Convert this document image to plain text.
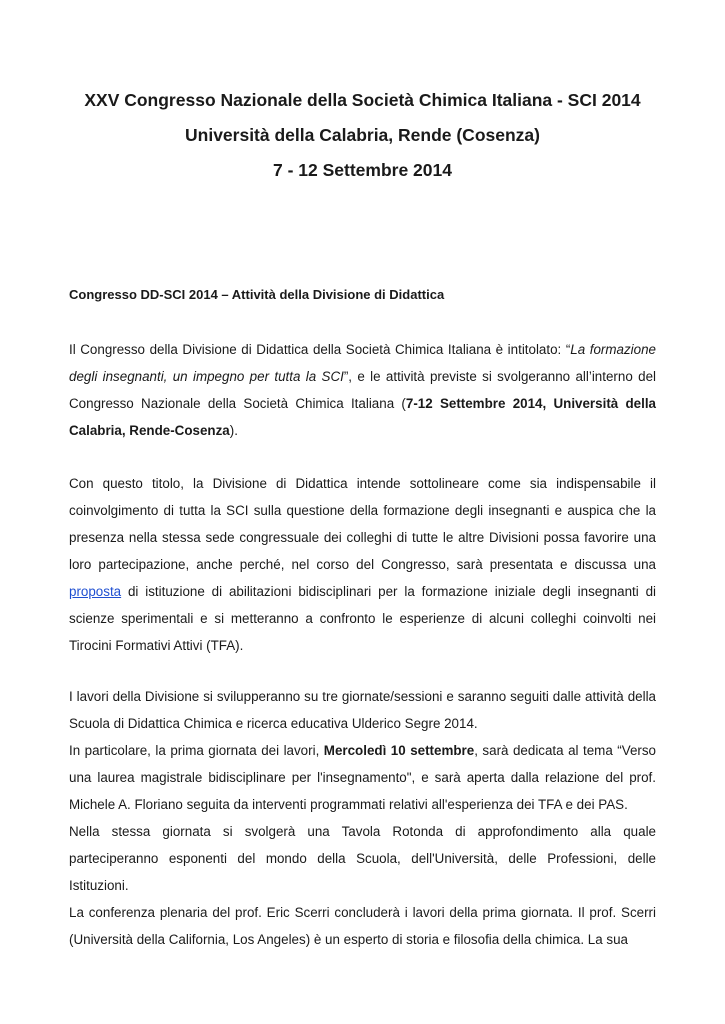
XXV Congresso Nazionale della Società Chimica Italiana - SCI 2014
Università della Calabria, Rende (Cosenza)
7 - 12 Settembre 2014
Congresso DD-SCI 2014 – Attività della Divisione di Didattica

Il Congresso della Divisione di Didattica della Società Chimica Italiana è intitolato: “La formazione degli insegnanti, un impegno per tutta la SCI”, e le attività previste si svolgeranno all’interno del Congresso Nazionale della Società Chimica Italiana (7-12 Settembre 2014, Università della Calabria, Rende-Cosenza).

Con questo titolo, la Divisione di Didattica intende sottolineare come sia indispensabile il coinvolgimento di tutta la SCI sulla questione della formazione degli insegnanti e auspica che la presenza nella stessa sede congressuale dei colleghi di tutte le altre Divisioni possa favorire una loro partecipazione, anche perché, nel corso del Congresso, sarà presentata e discussa una proposta di istituzione di abilitazioni bidisciplinari per la formazione iniziale degli insegnanti di scienze sperimentali e si metteranno a confronto le esperienze di alcuni colleghi coinvolti nei Tirocini Formativi Attivi (TFA).

I lavori della Divisione si svilupperanno su tre giornate/sessioni e saranno seguiti dalle attività della Scuola di Didattica Chimica e ricerca educativa Ulderico Segre 2014.
In particolare, la prima giornata dei lavori, Mercoledì 10 settembre, sarà dedicata al tema “Verso una laurea magistrale bidisciplinare per l'insegnamento", e sarà aperta dalla relazione del prof. Michele A. Floriano seguita da interventi programmati relativi all'esperienza dei TFA e dei PAS.
Nella stessa giornata si svolgerà una Tavola Rotonda di approfondimento alla quale parteciperanno esponenti del mondo della Scuola, dell'Università, delle Professioni, delle Istituzioni.
La conferenza plenaria del prof. Eric Scerri concluderà i lavori della prima giornata. Il prof. Scerri (Università della California, Los Angeles) è un esperto di storia e filosofia della chimica. La sua
